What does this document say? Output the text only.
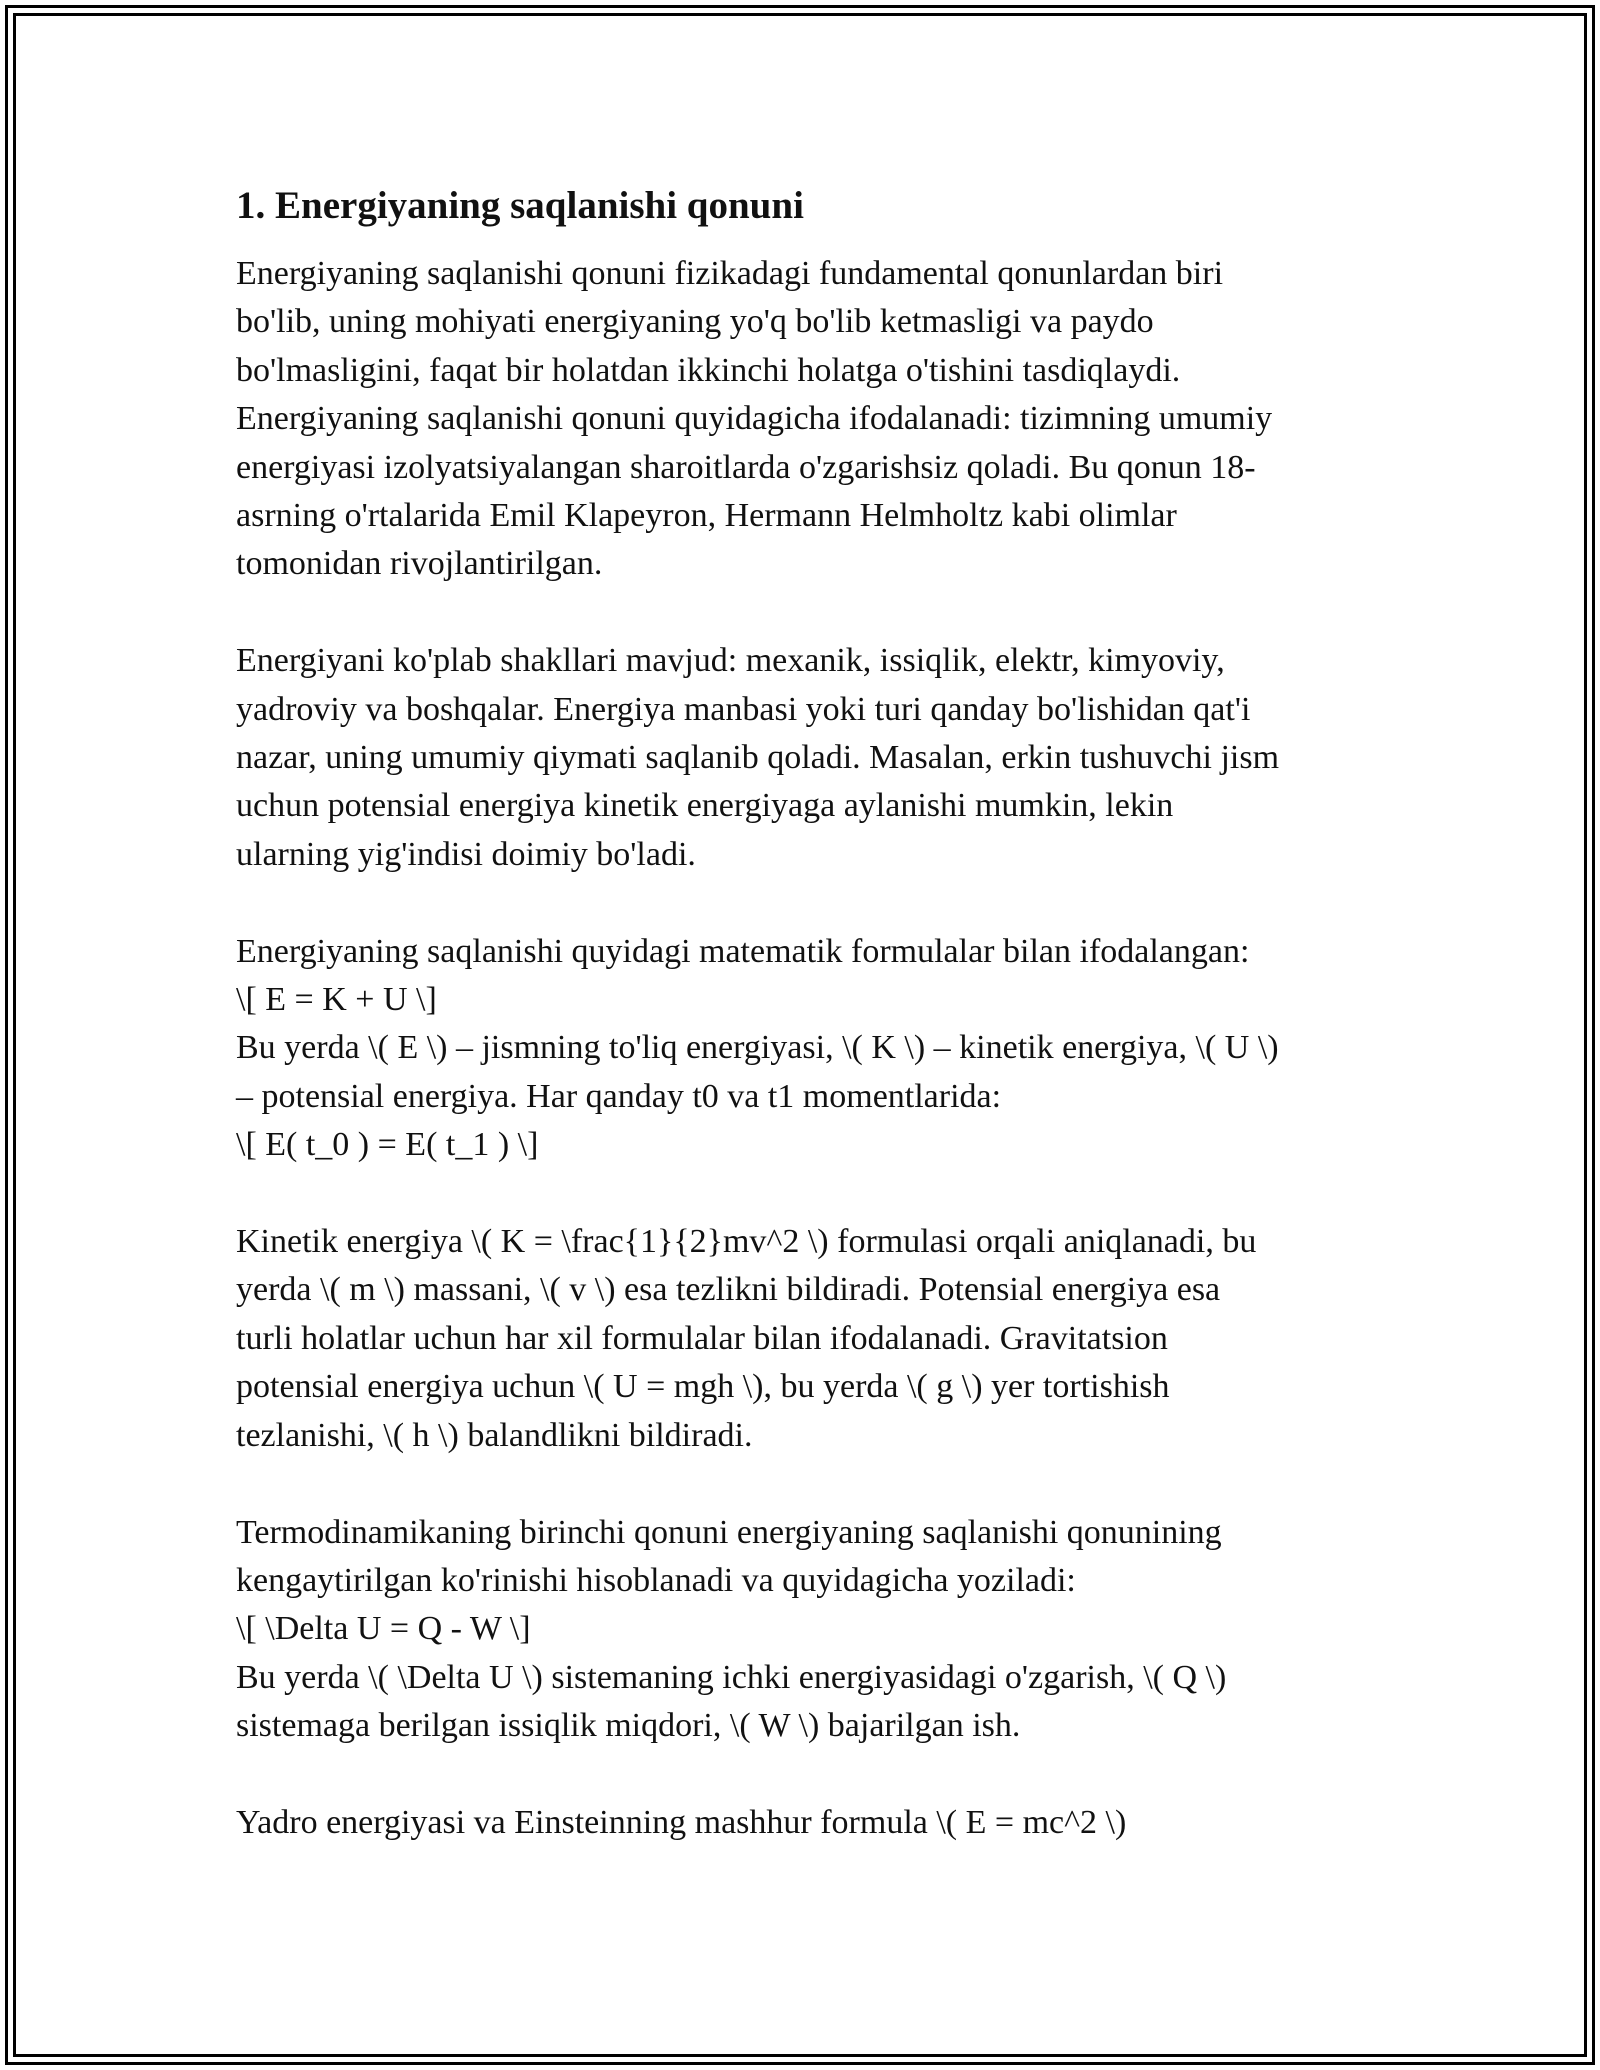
1. Energiyaning saqlanishi qonuni

Energiyaning saqlanishi qonuni fizikadagi fundamental qonunlardan biri

bo'lib, uning mohiyati energiyaning yo'q bo'lib ketmasligi va paydo

bo'lmasligini, faqat bir holatdan ikkinchi holatga o'tishini tasdiqlaydi.

Energiyaning saqlanishi qonuni quyidagicha ifodalanadi: tizimning umumiy

energiyasi izolyatsiyalangan sharoitlarda o'zgarishsiz qoladi. Bu qonun 18-

asrning o'rtalarida Emil Klapeyron, Hermann Helmholtz kabi olimlar

tomonidan rivojlantirilgan.

Energiyani ko'plab shakllari mavjud: mexanik, issiqlik, elektr, kimyoviy,

yadroviy va boshqalar. Energiya manbasi yoki turi qanday bo'lishidan qat'i

nazar, uning umumiy qiymati saqlanib qoladi. Masalan, erkin tushuvchi jism

uchun potensial energiya kinetik energiyaga aylanishi mumkin, lekin

ularning yig'indisi doimiy bo'ladi.

Energiyaning saqlanishi quyidagi matematik formulalar bilan ifodalangan:

\[ E = K + U \]

Bu yerda \( E \) – jismning to'liq energiyasi, \( K \) – kinetik energiya, \( U \)

– potensial energiya. Har qanday t0 va t1 momentlarida:

\[ E( t_0 ) = E( t_1 ) \]

Kinetik energiya \( K = \frac{1}{2}mv^2 \) formulasi orqali aniqlanadi, bu

yerda \( m \) massani, \( v \) esa tezlikni bildiradi. Potensial energiya esa

turli holatlar uchun har xil formulalar bilan ifodalanadi. Gravitatsion

potensial energiya uchun \( U = mgh \), bu yerda \( g \) yer tortishish

tezlanishi, \( h \) balandlikni bildiradi.

Termodinamikaning birinchi qonuni energiyaning saqlanishi qonunining

kengaytirilgan ko'rinishi hisoblanadi va quyidagicha yoziladi:

\[ \Delta U = Q - W \]

Bu yerda \( \Delta U \) sistemaning ichki energiyasidagi o'zgarish, \( Q \)

sistemaga berilgan issiqlik miqdori, \( W \) bajarilgan ish.

Yadro energiyasi va Einsteinning mashhur formula \( E = mc^2 \)
